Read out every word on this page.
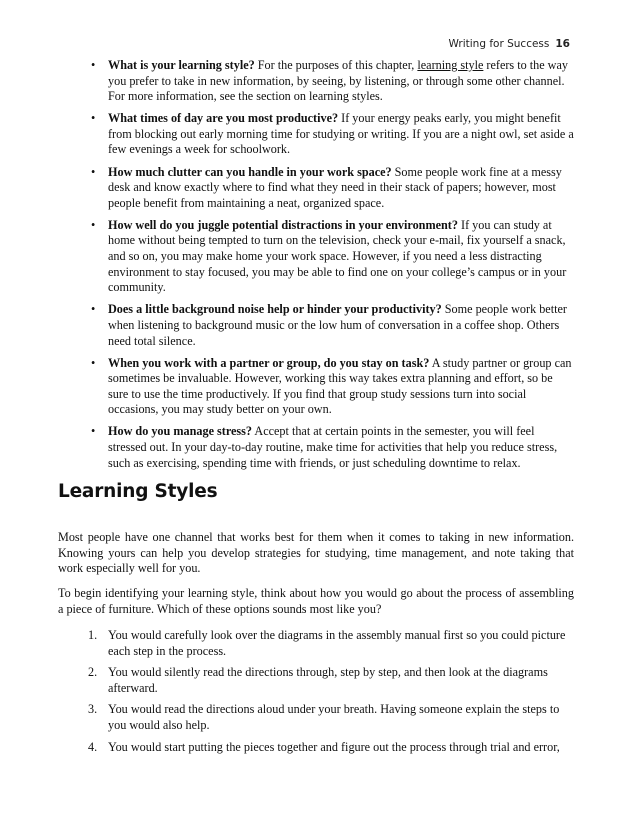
Writing for Success 16
• What is your learning style? For the purposes of this chapter, learning style refers to the way you prefer to take in new information, by seeing, by listening, or through some other channel. For more information, see the section on learning styles.
• What times of day are you most productive? If your energy peaks early, you might benefit from blocking out early morning time for studying or writing. If you are a night owl, set aside a few evenings a week for schoolwork.
• How much clutter can you handle in your work space? Some people work fine at a messy desk and know exactly where to find what they need in their stack of papers; however, most people benefit from maintaining a neat, organized space.
• How well do you juggle potential distractions in your environment? If you can study at home without being tempted to turn on the television, check your e-mail, fix yourself a snack, and so on, you may make home your work space. However, if you need a less distracting environment to stay focused, you may be able to find one on your college’s campus or in your community.
• Does a little background noise help or hinder your productivity? Some people work better when listening to background music or the low hum of conversation in a coffee shop. Others need total silence.
• When you work with a partner or group, do you stay on task? A study partner or group can sometimes be invaluable. However, working this way takes extra planning and effort, so be sure to use the time productively. If you find that group study sessions turn into social occasions, you may study better on your own.
• How do you manage stress? Accept that at certain points in the semester, you will feel stressed out. In your day-to-day routine, make time for activities that help you reduce stress, such as exercising, spending time with friends, or just scheduling downtime to relax.
Learning Styles

Most people have one channel that works best for them when it comes to taking in new information. Knowing yours can help you develop strategies for studying, time management, and note taking that work especially well for you.

To begin identifying your learning style, think about how you would go about the process of assembling a piece of furniture. Which of these options sounds most like you?

1. You would carefully look over the diagrams in the assembly manual first so you could picture each step in the process.
2. You would silently read the directions through, step by step, and then look at the diagrams afterward.
3. You would read the directions aloud under your breath. Having someone explain the steps to you would also help.
4. You would start putting the pieces together and figure out the process through trial and error,
